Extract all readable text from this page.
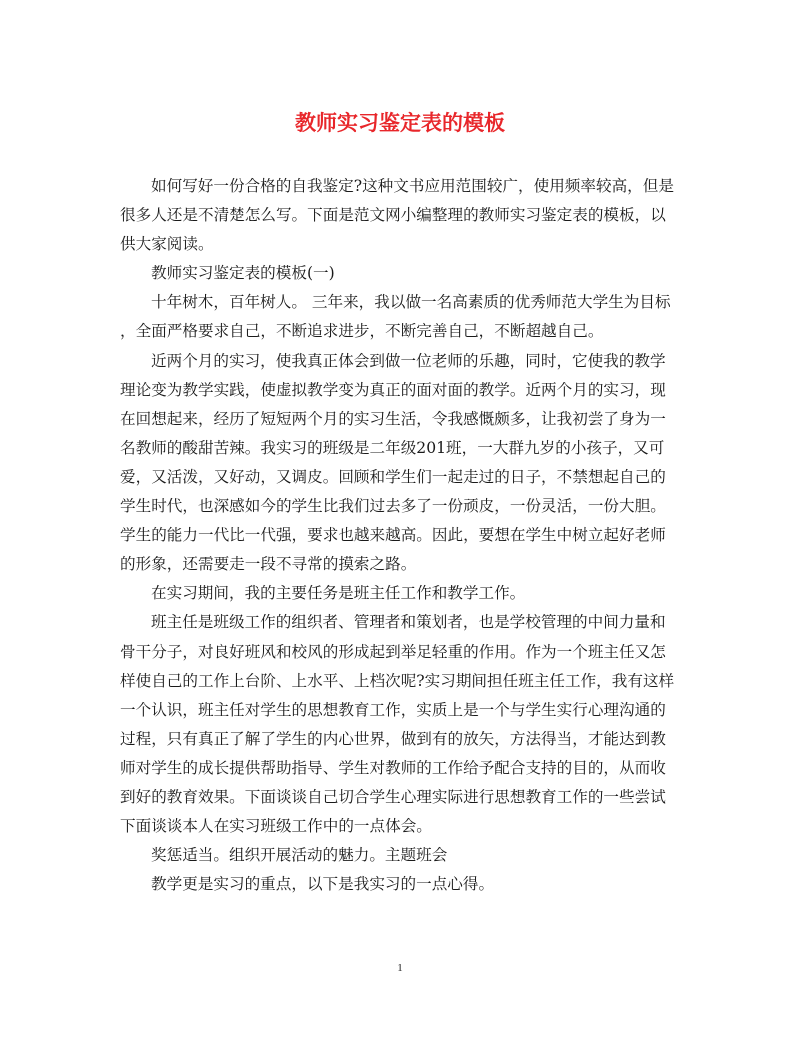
教师实习鉴定表的模板
如何写好一份合格的自我鉴定?这种文书应用范围较广，使用频率较高，但是
很多人还是不清楚怎么写。下面是范文网小编整理的教师实习鉴定表的模板，以
供大家阅读。
教师实习鉴定表的模板(一)
十年树木，百年树人。 三年来，我以做一名高素质的优秀师范大学生为目标
，全面严格要求自己，不断追求进步，不断完善自己，不断超越自己。
近两个月的实习，使我真正体会到做一位老师的乐趣，同时，它使我的教学
理论变为教学实践，使虚拟教学变为真正的面对面的教学。近两个月的实习，现
在回想起来，经历了短短两个月的实习生活，令我感慨颇多，让我初尝了身为一
名教师的酸甜苦辣。我实习的班级是二年级201班，一大群九岁的小孩子，又可
爱，又活泼，又好动，又调皮。回顾和学生们一起走过的日子，不禁想起自己的
学生时代，也深感如今的学生比我们过去多了一份顽皮，一份灵活，一份大胆。
学生的能力一代比一代强，要求也越来越高。因此，要想在学生中树立起好老师
的形象，还需要走一段不寻常的摸索之路。
在实习期间，我的主要任务是班主任工作和教学工作。
班主任是班级工作的组织者、管理者和策划者，也是学校管理的中间力量和
骨干分子，对良好班风和校风的形成起到举足轻重的作用。作为一个班主任又怎
样使自己的工作上台阶、上水平、上档次呢?实习期间担任班主任工作，我有这样
一个认识，班主任对学生的思想教育工作，实质上是一个与学生实行心理沟通的
过程，只有真正了解了学生的内心世界，做到有的放矢，方法得当，才能达到教
师对学生的成长提供帮助指导、学生对教师的工作给予配合支持的目的，从而收
到好的教育效果。下面谈谈自己切合学生心理实际进行思想教育工作的一些尝试
下面谈谈本人在实习班级工作中的一点体会。
奖惩适当。组织开展活动的魅力。主题班会
教学更是实习的重点，以下是我实习的一点心得。
1
